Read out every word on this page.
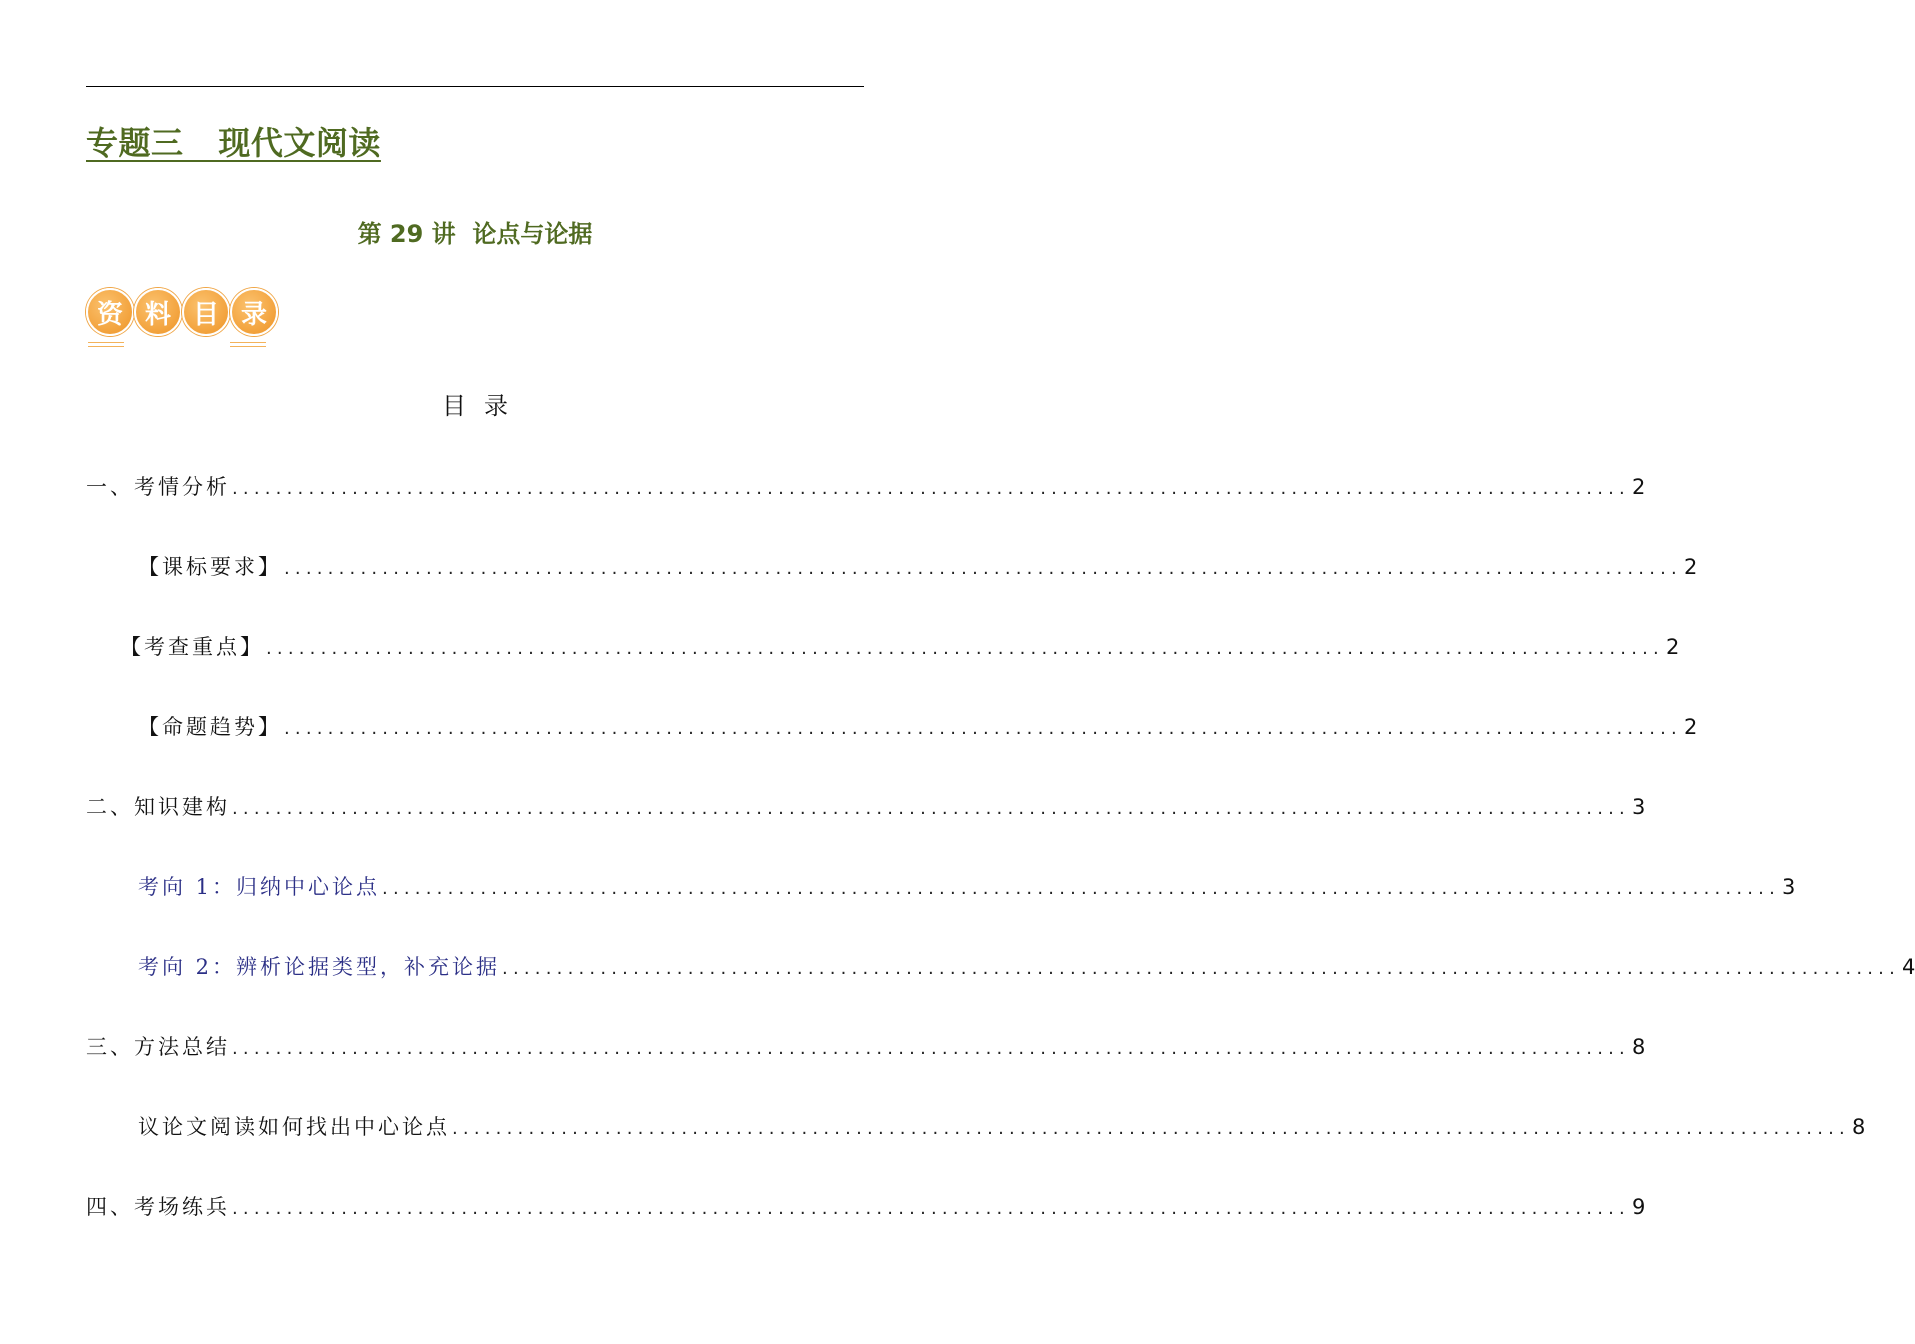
专题三   现代文阅读
第 29 讲  论点与论据
资 料 目 录
目录
一、考情分析 ................................................................................................................................ 2
【课标要求】 ................................................................................................................................ 2
【考查重点】 ................................................................................................................................ 2
【命题趋势】 ................................................................................................................................ 2
二、知识建构 ................................................................................................................................ 3
考向 1：归纳中心论点 ................................................................................................................................ 3
考向 2：辨析论据类型，补充论据 ................................................................................................................................ 4
三、方法总结 ................................................................................................................................ 8
议论文阅读如何找出中心论点 ................................................................................................................................ 8
四、考场练兵 ................................................................................................................................ 9
